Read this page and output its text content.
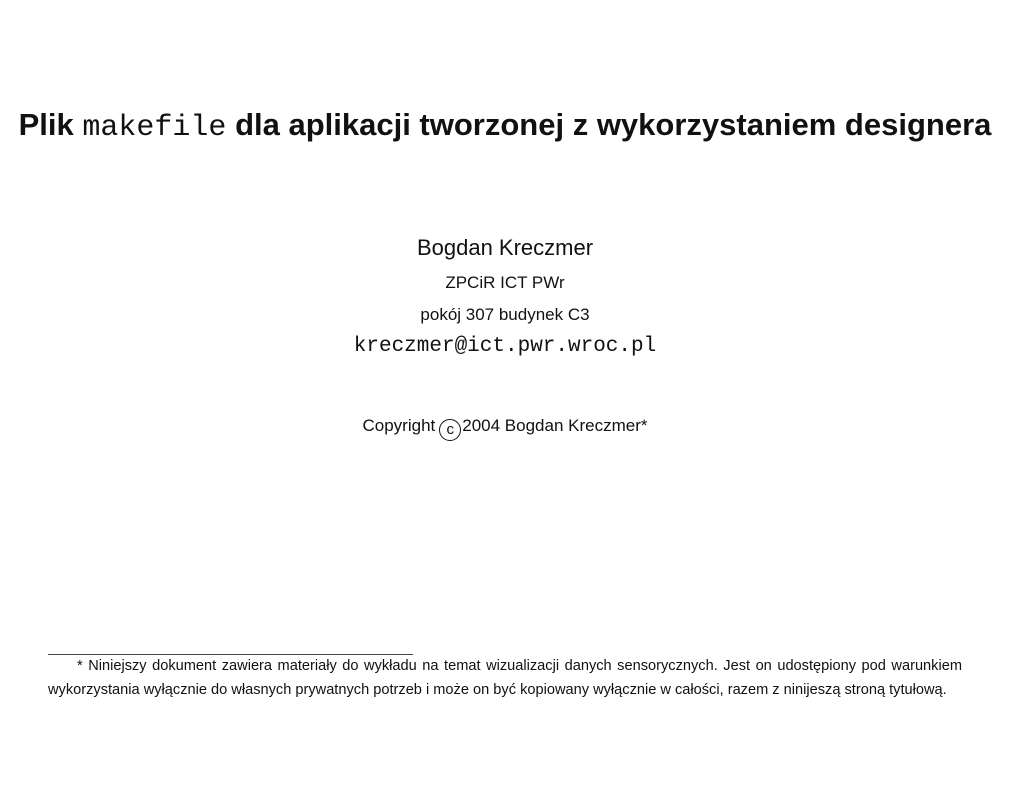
Plik makefile dla aplikacji tworzonej z wykorzystaniem designera
Bogdan Kreczmer
ZPCiR ICT PWr
pokój 307 budynek C3
kreczmer@ict.pwr.wroc.pl
Copyright c 2004 Bogdan Kreczmer*
* Niniejszy dokument zawiera materiały do wykładu na temat wizualizacji danych sensorycznych. Jest on udostępiony pod warunkiem wykorzystania wyłącznie do własnych prywatnych potrzeb i może on być kopiowany wyłącznie w całości, razem z ninijeszą stroną tytułową.
